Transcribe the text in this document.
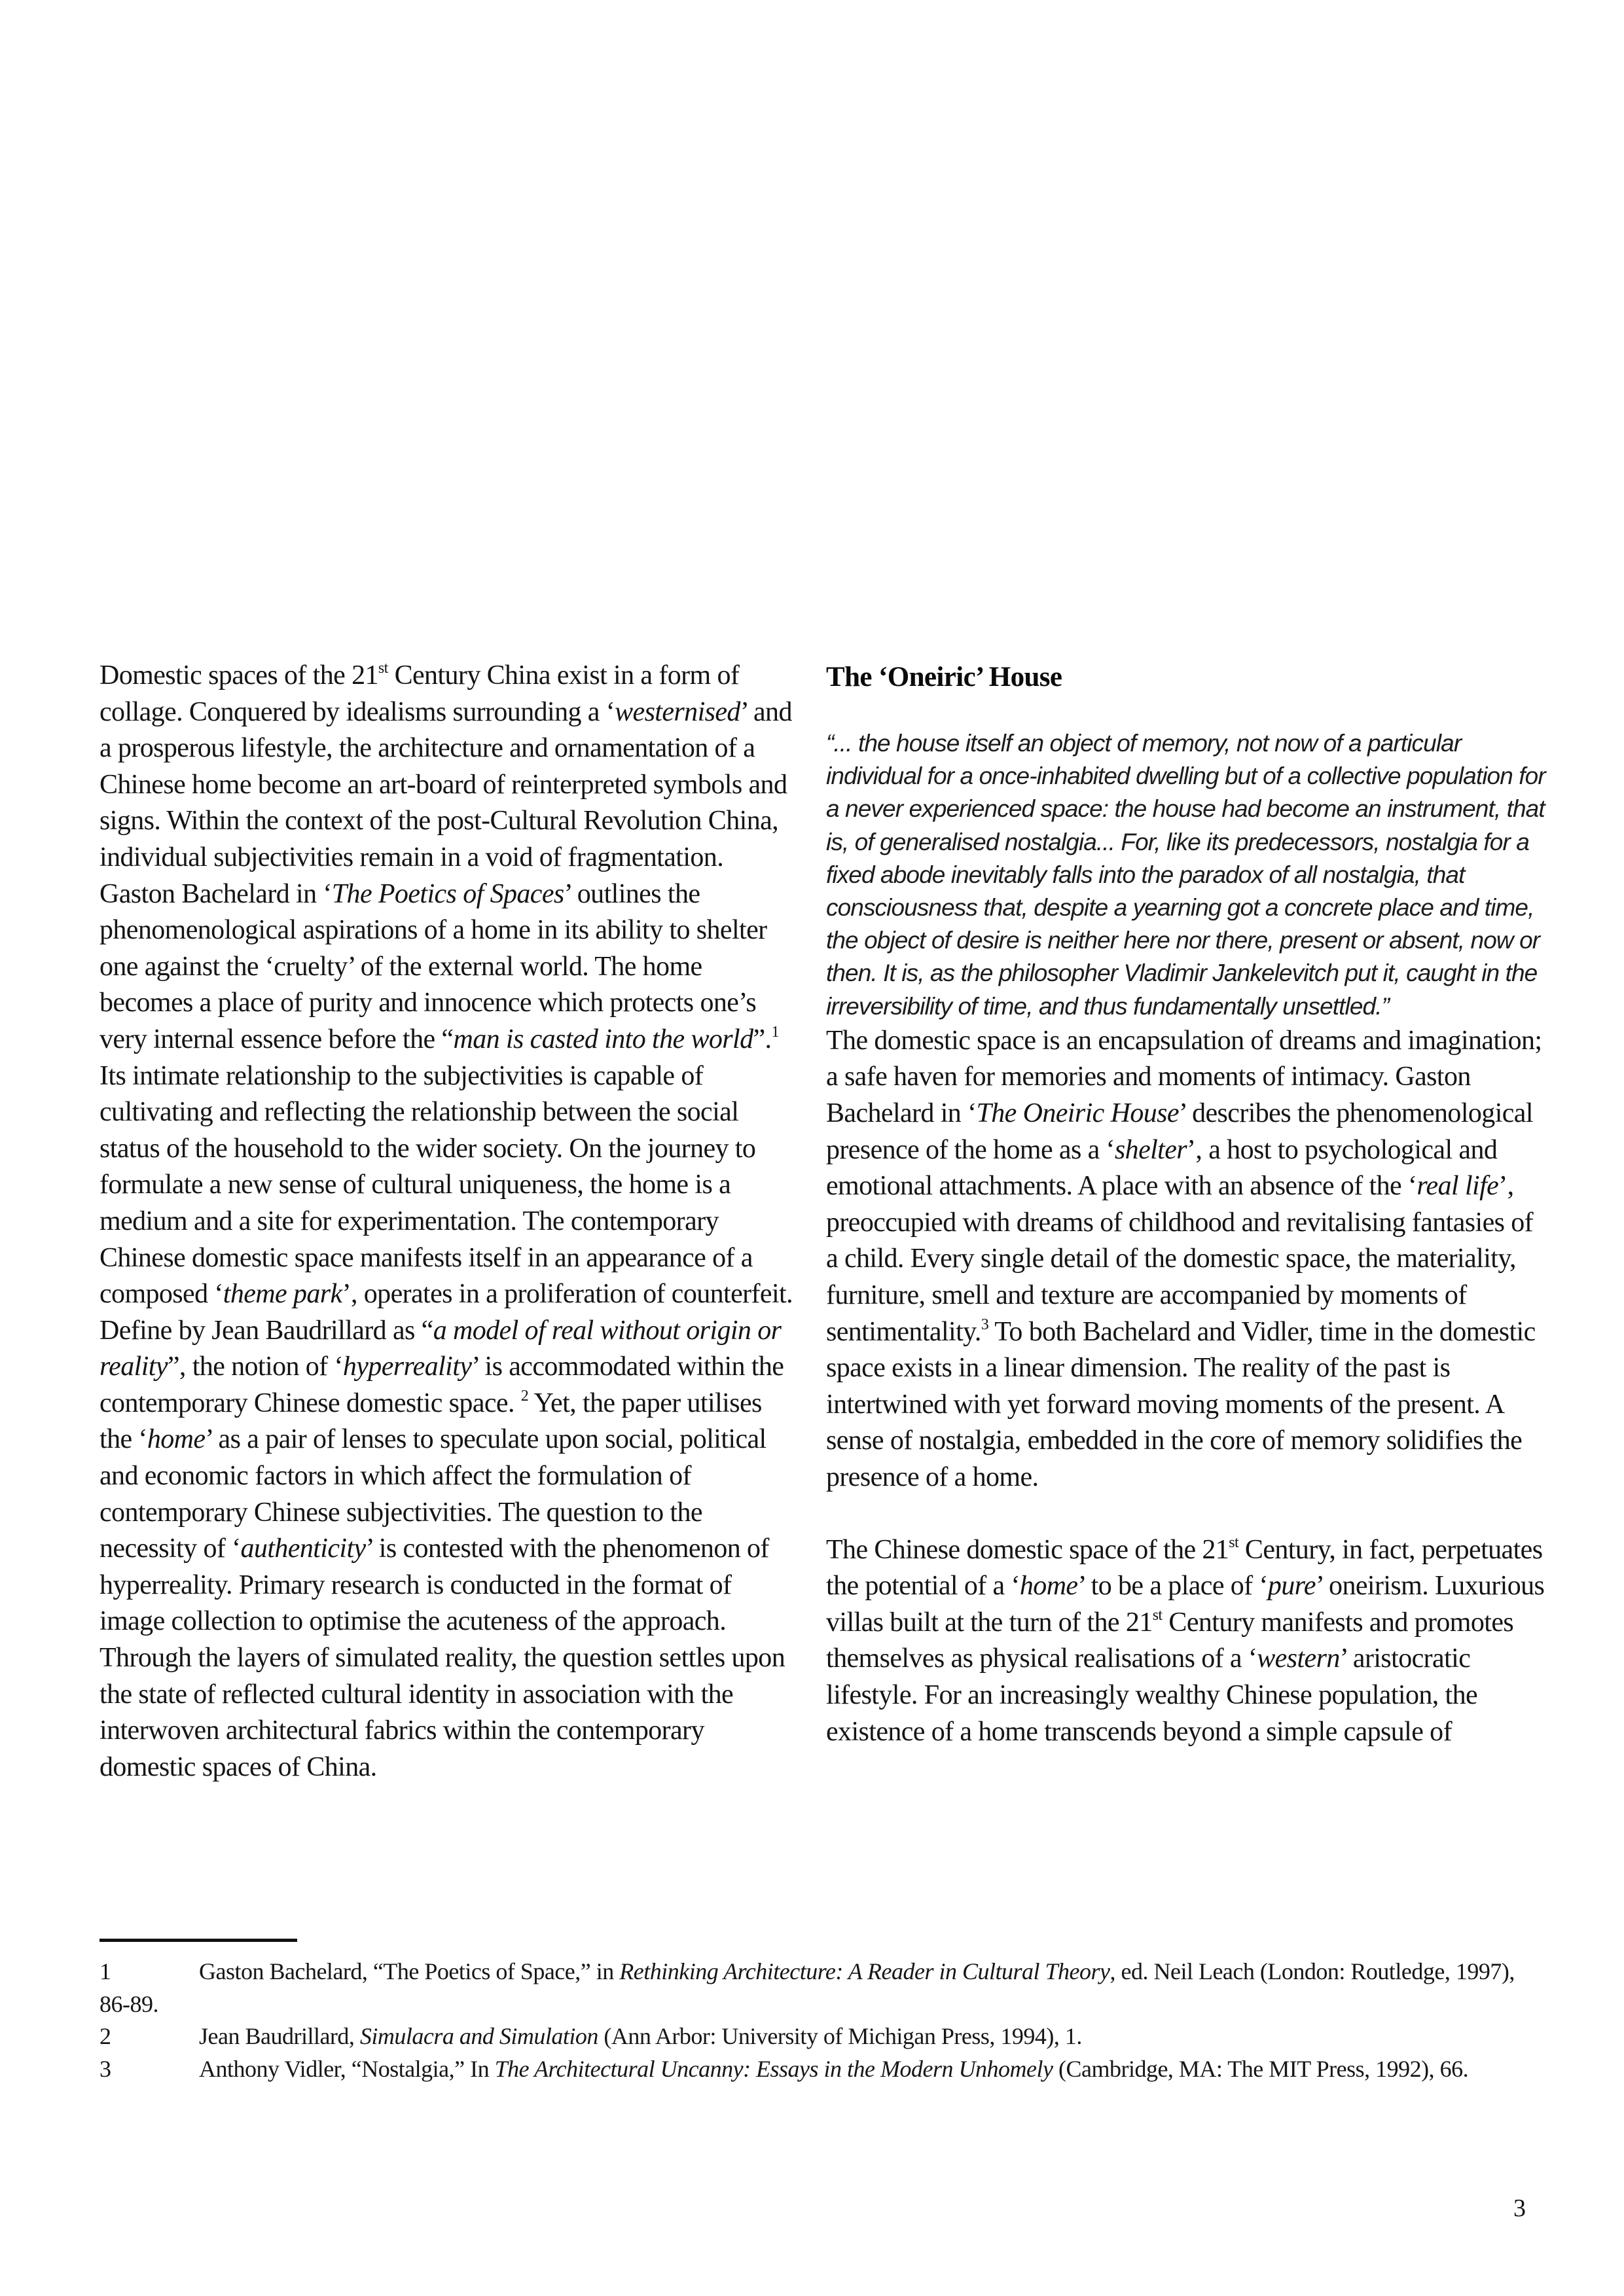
Domestic spaces of the 21st Century China exist in a form of collage. Conquered by idealisms surrounding a ‘westernised’ and a prosperous lifestyle, the architecture and ornamentation of a Chinese home become an art-board of reinterpreted symbols and signs. Within the context of the post-Cultural Revolution China, individual subjectivities remain in a void of fragmentation.
Gaston Bachelard in ‘The Poetics of Spaces’ outlines the phenomenological aspirations of a home in its ability to shelter one against the ‘cruelty’ of the external world. The home becomes a place of purity and innocence which protects one’s very internal essence before the “man is casted into the world”.$^1$ Its intimate relationship to the subjectivities is capable of cultivating and reflecting the relationship between the social status of the household to the wider society. On the journey to formulate a new sense of cultural uniqueness, the home is a medium and a site for experimentation. The contemporary Chinese domestic space manifests itself in an appearance of a composed ‘theme park’, operates in a proliferation of counterfeit. Define by Jean Baudrillard as “a model of real without origin or reality”, the notion of ‘hyperreality’ is accommodated within the contemporary Chinese domestic space. $^2$ Yet, the paper utilises the ‘home’ as a pair of lenses to speculate upon social, political and economic factors in which affect the formulation of contemporary Chinese subjectivities. The question to the necessity of ‘authenticity’ is contested with the phenomenon of hyperreality. Primary research is conducted in the format of image collection to optimise the acuteness of the approach. Through the layers of simulated reality, the question settles upon the state of reflected cultural identity in association with the interwoven architectural fabrics within the contemporary domestic spaces of China.

The ‘Oneiric’ House

“... the house itself an object of memory, not now of a particular individual for a once-inhabited dwelling but of a collective population for a never experienced space: the house had become an instrument, that is, of generalised nostalgia... For, like its predecessors, nostalgia for a fixed abode inevitably falls into the paradox of all nostalgia, that consciousness that, despite a yearning got a concrete place and time, the object of desire is neither here nor there, present or absent, now or then. It is, as the philosopher Vladimir Jankelevitch put it, caught in the irreversibility of time, and thus fundamentally unsettled.”

The domestic space is an encapsulation of dreams and imagination; a safe haven for memories and moments of intimacy. Gaston Bachelard in ‘The Oneiric House’ describes the phenomenological presence of the home as a ‘shelter’, a host to psychological and emotional attachments. A place with an absence of the ‘real life’, preoccupied with dreams of childhood and revitalising fantasies of a child. Every single detail of the domestic space, the materiality, furniture, smell and texture are accompanied by moments of sentimentality.$^3$ To both Bachelard and Vidler, time in the domestic space exists in a linear dimension. The reality of the past is intertwined with yet forward moving moments of the present. A sense of nostalgia, embedded in the core of memory solidifies the presence of a home.

The Chinese domestic space of the 21st Century, in fact, perpetuates the potential of a ‘home’ to be a place of ‘pure’ oneirism. Luxurious villas built at the turn of the 21st Century manifests and promotes themselves as physical realisations of a ‘western’ aristocratic lifestyle. For an increasingly wealthy Chinese population, the existence of a home transcends beyond a simple capsule of

1	Gaston Bachelard, “The Poetics of Space,” in Rethinking Architecture: A Reader in Cultural Theory, ed. Neil Leach (London: Routledge, 1997), 86-89.

2	Jean Baudrillard, Simulacra and Simulation (Ann Arbor: University of Michigan Press, 1994), 1.

3	Anthony Vidler, “Nostalgia,” In The Architectural Uncanny: Essays in the Modern Unhomely (Cambridge, MA: The MIT Press, 1992), 66.

3
